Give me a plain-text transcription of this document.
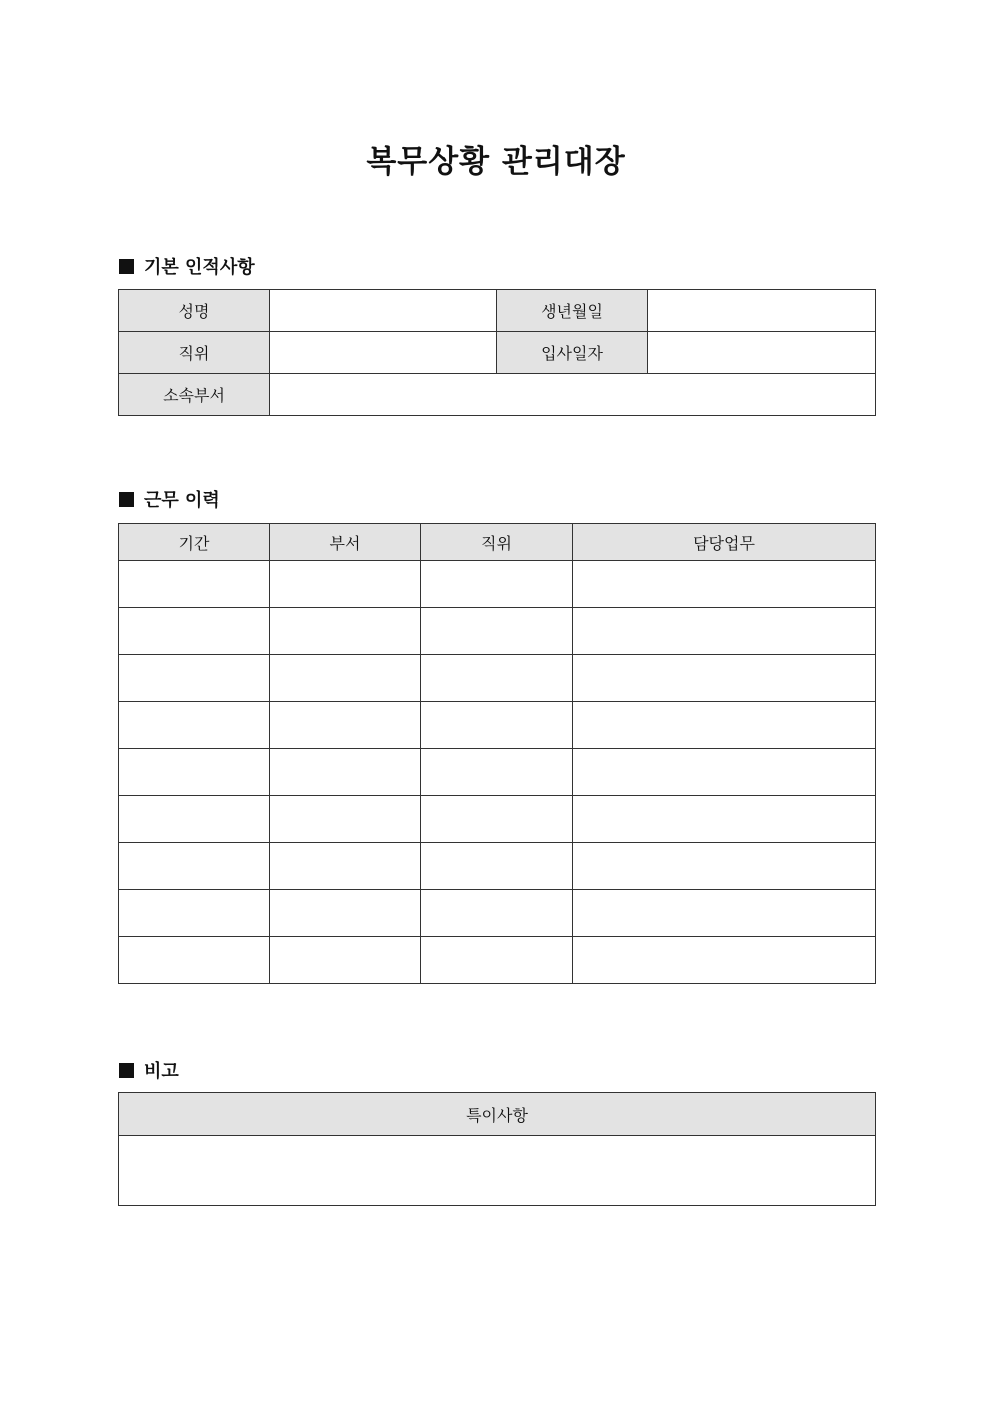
복무상황 관리대장
기본 인적사항
성명		생년월일	
직위		입사일자	
소속부서			
근무 이력
기간	부서	직위	담당업무

비고
특이사항
